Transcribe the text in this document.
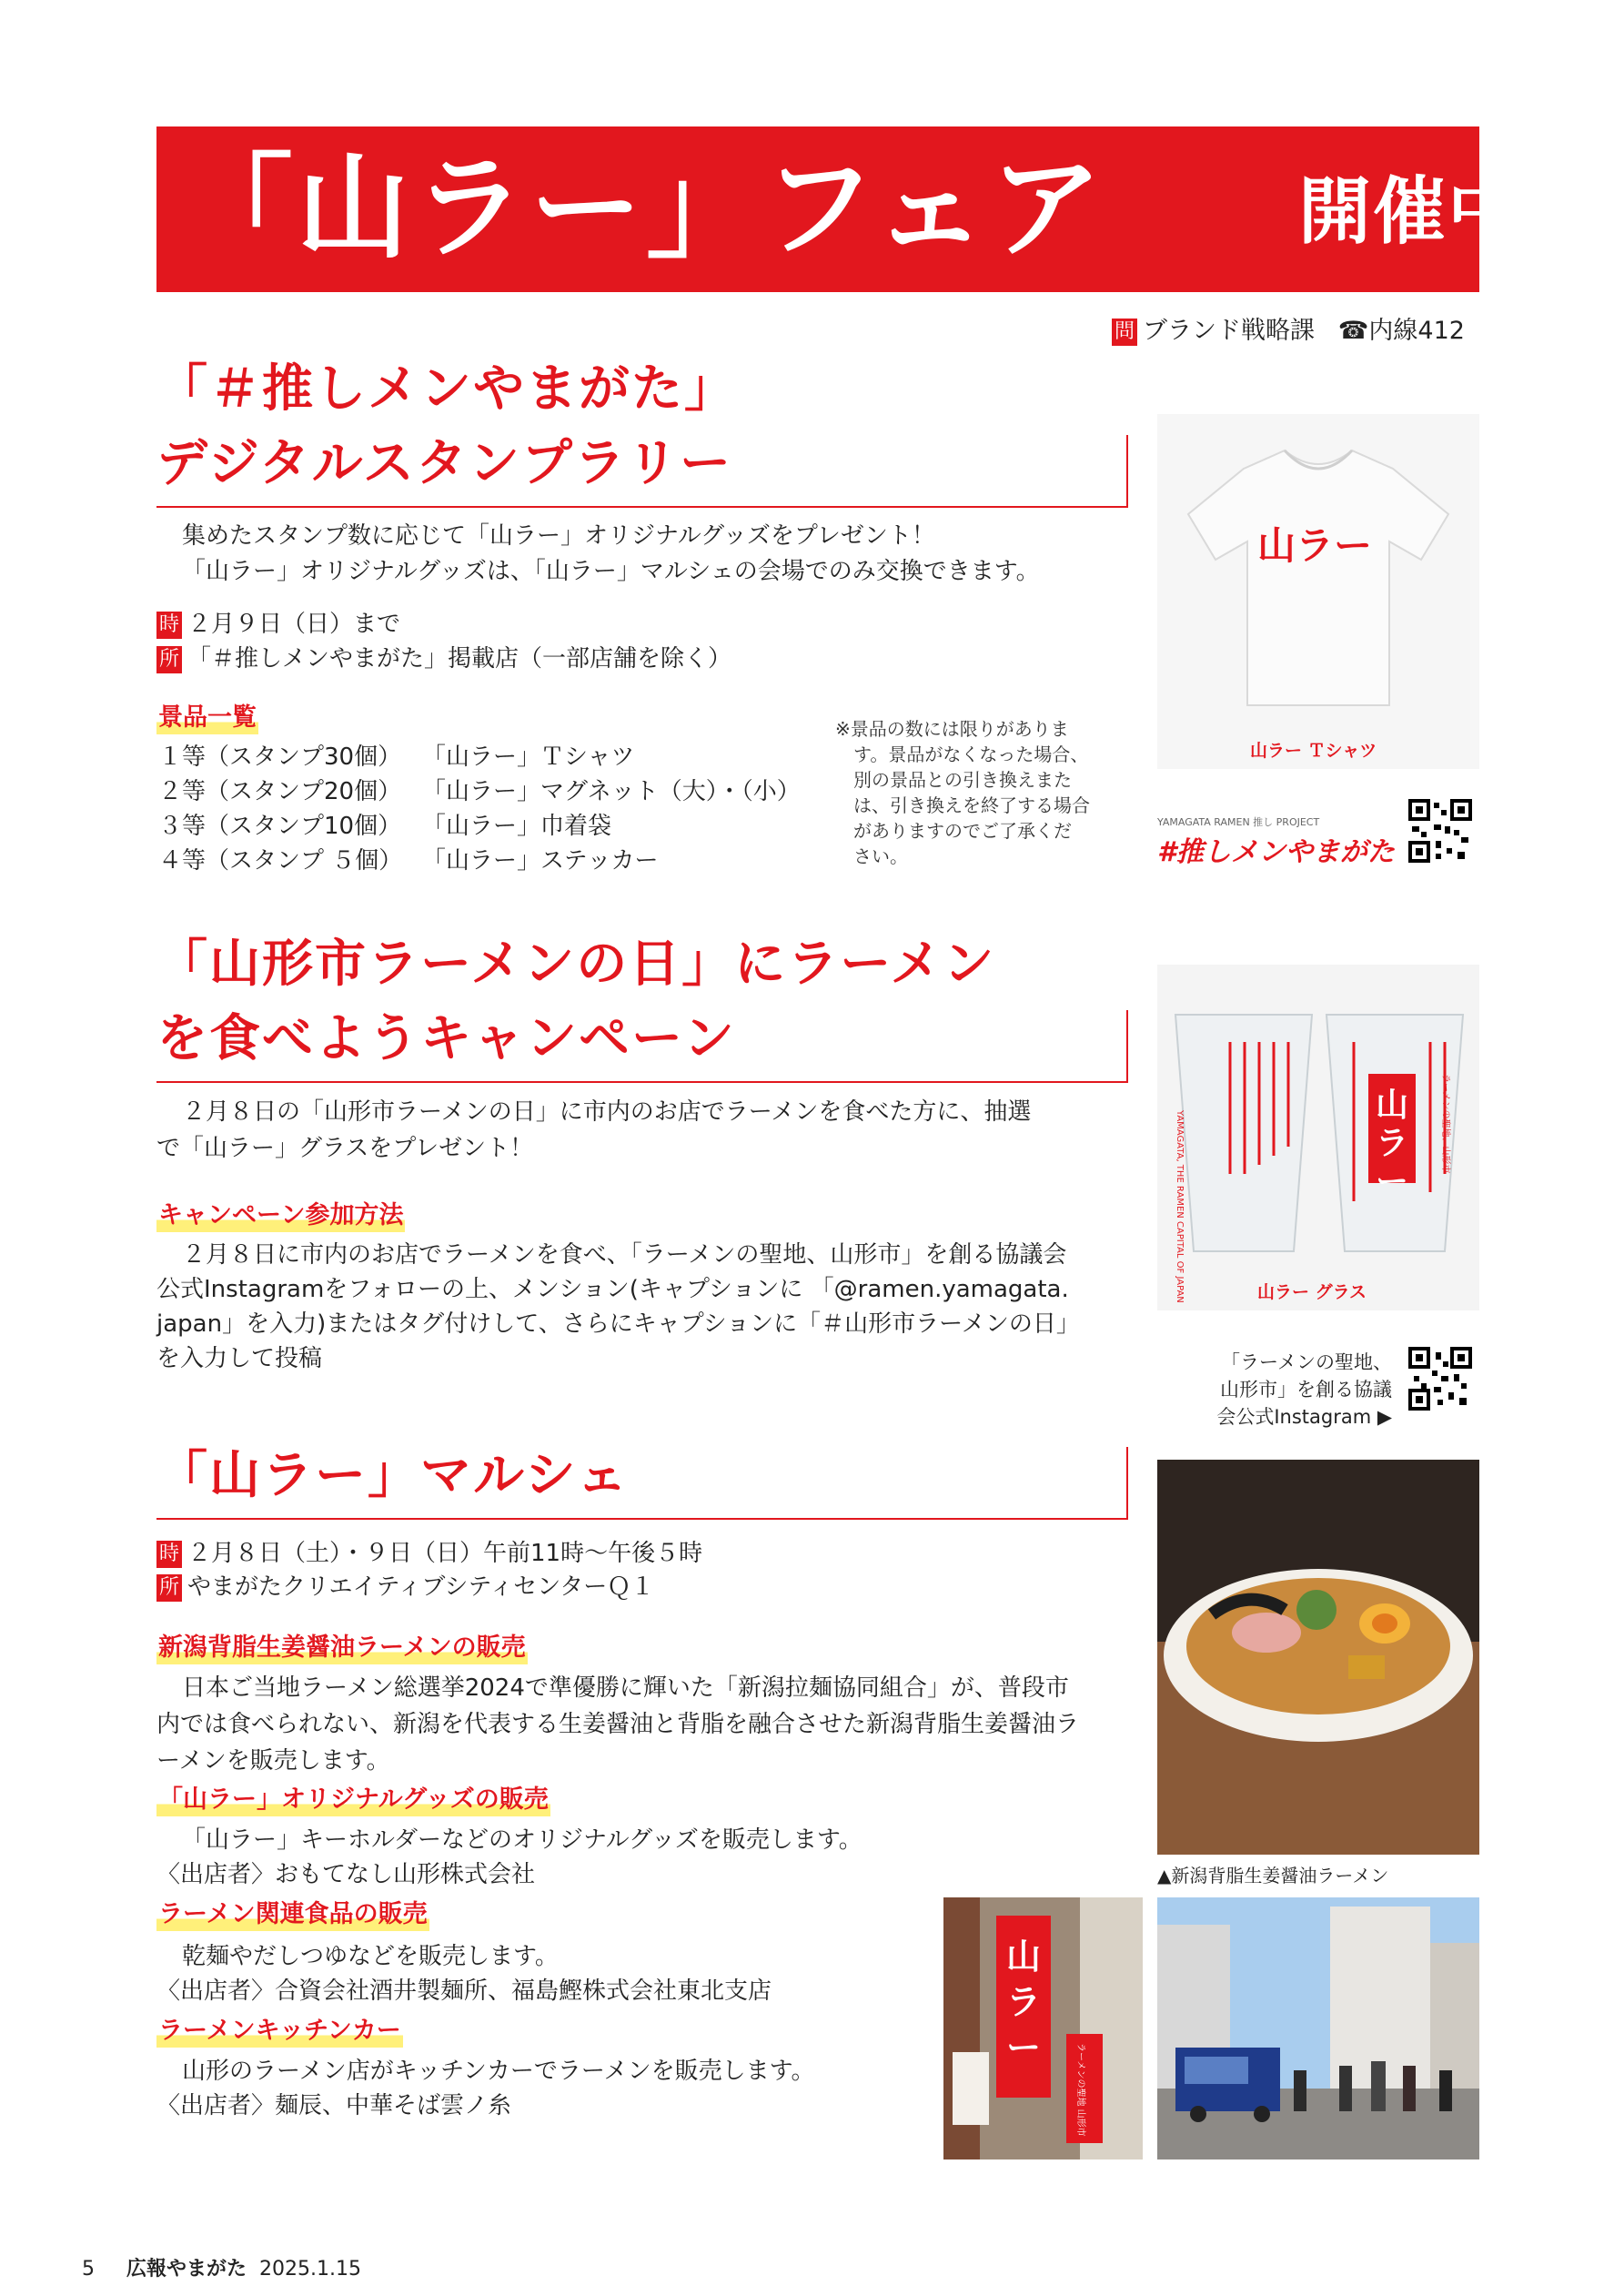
「山ラー」フェア	開催中！
問 ブランド戦略課 ☎内線412
「＃推しメンやまがた」
デジタルスタンプラリー
集めたスタンプ数に応じて「山ラー」オリジナルグッズをプレゼント！
「山ラー」オリジナルグッズは、「山ラー」マルシェの会場でのみ交換できます。
時 ２月９日（日）まで
所 「＃推しメンやまがた」掲載店（一部店舗を除く）
景品一覧
１等（スタンプ30個） 「山ラー」Ｔシャツ
２等（スタンプ20個） 「山ラー」マグネット（大）・（小）
３等（スタンプ10個） 「山ラー」巾着袋
４等（スタンプ ５個） 「山ラー」ステッカー
※景品の数には限りがありま
す。景品がなくなった場合、
別の景品との引き換えまた
は、引き換えを終了する場合
がありますのでご了承くだ
さい。
山ラー
山ラー Ｔシャツ
YAMAGATA RAMEN 推し PROJECT
#推しメンやまがた
「山形市ラーメンの日」にラーメン
を食べようキャンペーン
２月８日の「山形市ラーメンの日」に市内のお店でラーメンを食べた方に、抽選
で「山ラー」グラスをプレゼント！
キャンペーン参加方法
２月８日に市内のお店でラーメンを食べ、「ラーメンの聖地、山形市」を創る協議会
公式Instagramをフォローの上、メンション(キャプションに 「@ramen.yamagata.
japan」を入力)またはタグ付けして、さらにキャプションに「＃山形市ラーメンの日」
を入力して投稿
山ラー
YAMAGATA, THE RAMEN CAPITAL OF JAPAN	ラーメンの聖地、山形市
山ラー グラス
「ラーメンの聖地、
山形市」を創る協議
会公式Instagram ▶
「山ラー」マルシェ
時 ２月８日（土）・９日（日）午前11時〜午後５時
所 やまがたクリエイティブシティセンターＱ１
新潟背脂生姜醤油ラーメンの販売
日本ご当地ラーメン総選挙2024で準優勝に輝いた「新潟拉麺協同組合」が、普段市
内では食べられない、新潟を代表する生姜醤油と背脂を融合させた新潟背脂生姜醤油ラ
ーメンを販売します。
「山ラー」オリジナルグッズの販売
「山ラー」キーホルダーなどのオリジナルグッズを販売します。
〈出店者〉おもてなし山形株式会社
ラーメン関連食品の販売
乾麺やだしつゆなどを販売します。
〈出店者〉合資会社酒井製麺所、福島鰹株式会社東北支店
ラーメンキッチンカー
山形のラーメン店がキッチンカーでラーメンを販売します。
〈出店者〉麺辰、中華そば雲ノ糸
▲新潟背脂生姜醤油ラーメン
山ラー	ラーメンの聖地 山形市
5 広報やまがた 2025.1.15
